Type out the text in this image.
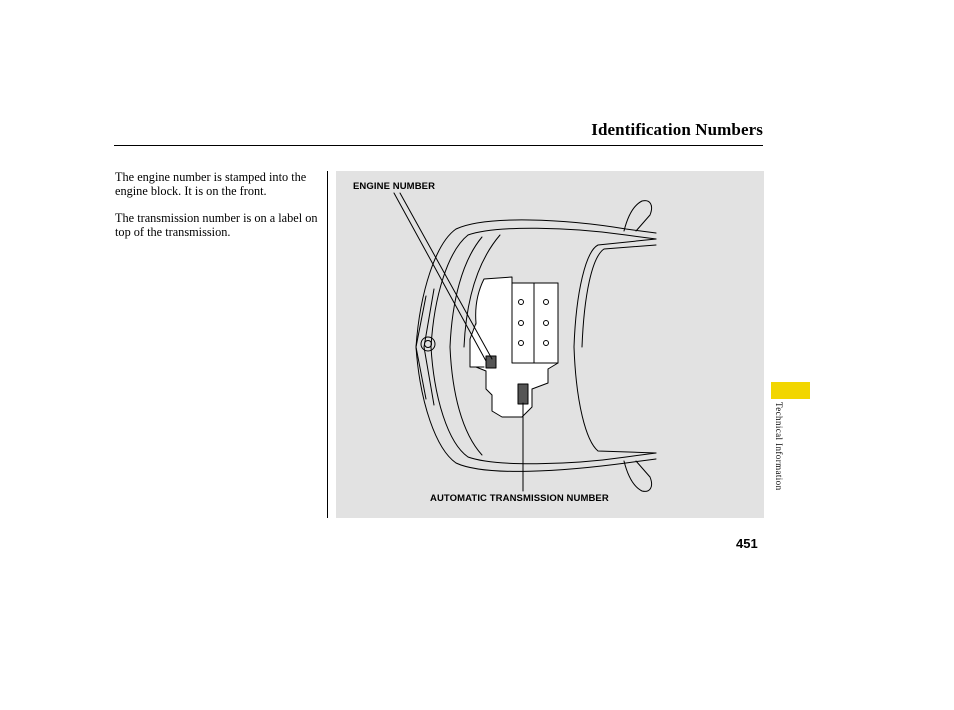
Identification Numbers

The engine number is stamped into the engine block. It is on the front.

The transmission number is on a label on top of the transmission.

ENGINE NUMBER
AUTOMATIC TRANSMISSION NUMBER
Technical Information
451
